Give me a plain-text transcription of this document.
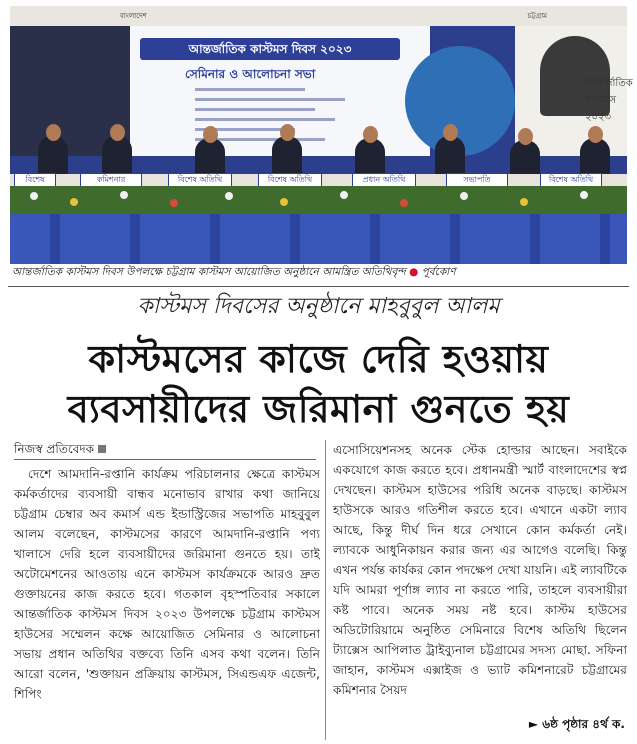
বাংলাদেশ	চট্টগ্রাম
আন্তর্জাতিক কাস্টমস দিবস ২০২৩
সেমিনার ও আলোচনা সভা
আন্তর্জাতিক কাস্টমস ২০২৩
বিশেষ	কমিশনার	বিশেষ অতিথি	বিশেষ অতিথি	প্রধান অতিথি	সভাপতি	বিশেষ অতিথি
আন্তর্জাতিক কাস্টমস দিবস উপলক্ষে চট্টগ্রাম কাস্টমস আয়োজিত অনুষ্ঠানে আমন্ত্রিত অতিথিবৃন্দ ● পূর্বকোণ
কাস্টমস দিবসের অনুষ্ঠানে মাহবুবুল আলম
কাস্টমসের কাজে দেরি হওয়ায়
ব্যবসায়ীদের জরিমানা গুনতে হয়
নিজস্ব প্রতিবেদক
দেশে আমদানি-রপ্তানি কার্যক্রম পরিচালনার ক্ষেত্রে কাস্টমস কর্মকর্তাদের ব্যবসায়ী বান্ধব মনোভাব রাখার কথা জানিয়ে চট্টগ্রাম চেম্বার অব কমার্স এন্ড ইন্ডাস্ট্রিজের সভাপতি মাহবুবুল আলম বলেছেন, কাস্টমসের কারণে আমদানি-রপ্তানি পণ্য খালাসে দেরি হলে ব্যবসায়ীদের জরিমানা গুনতে হয়। তাই অটোমেশনের আওতায় এনে কাস্টমস কার্যক্রমকে আরও দ্রুত গুক্তায়নের কাজ করতে হবে। গতকাল বৃহস্পতিবার সকালে আন্তর্জাতিক কাস্টমস দিবস ২০২৩ উপলক্ষে চট্টগ্রাম কাস্টমস হাউসের সম্মেলন কক্ষে আয়োজিত সেমিনার ও আলোচনা সভায় প্রধান অতিথির বক্তব্যে তিনি এসব কথা বলেন। তিনি আরো বলেন, 'শুক্তায়ন প্রক্রিয়ায় কাস্টমস, সিএন্ডএফ এজেন্ট, শিপিং
এসোসিয়েশনসহ অনেক স্টেক হোল্ডার আছেন। সবাইকে একযোগে কাজ করতে হবে। প্রধানমন্ত্রী স্মার্ট বাংলাদেশের স্বপ্ন দেখছেন। কাস্টমস হাউসের পরিধি অনেক বাড়ছে। কাস্টমস হাউসকে আরও গতিশীল করতে হবে। এখানে একটা ল্যাব আছে, কিন্তু দীর্ঘ দিন ধরে সেখানে কোন কর্মকর্তা নেই। ল্যাবকে আধুনিকায়ন করার জন্য এর আগেও বলেছি। কিন্তু এখন পর্যন্ত কার্যকর কোন পদক্ষেপ দেখা যায়নি। এই ল্যাবটিকে যদি আমরা পূর্ণাঙ্গ ল্যাব না করতে পারি, তাহলে ব্যবসায়ীরা কষ্ট পাবে। অনেক সময় নষ্ট হবে। কাস্টম হাউসের অডিটোরিয়ামে অনুষ্ঠিত সেমিনারে বিশেষ অতিথি ছিলেন ট্যাক্সেস আপিলাত ট্রাইব্যুনাল চট্টগ্রামের সদস্য মোছা. সফিনা জাহান, কাস্টমস এক্সাইজ ও ভ্যাট কমিশনারেট চট্টগ্রামের কমিশনার সৈয়দ
► ৬ষ্ঠ পৃষ্ঠার ৪র্থ ক.
